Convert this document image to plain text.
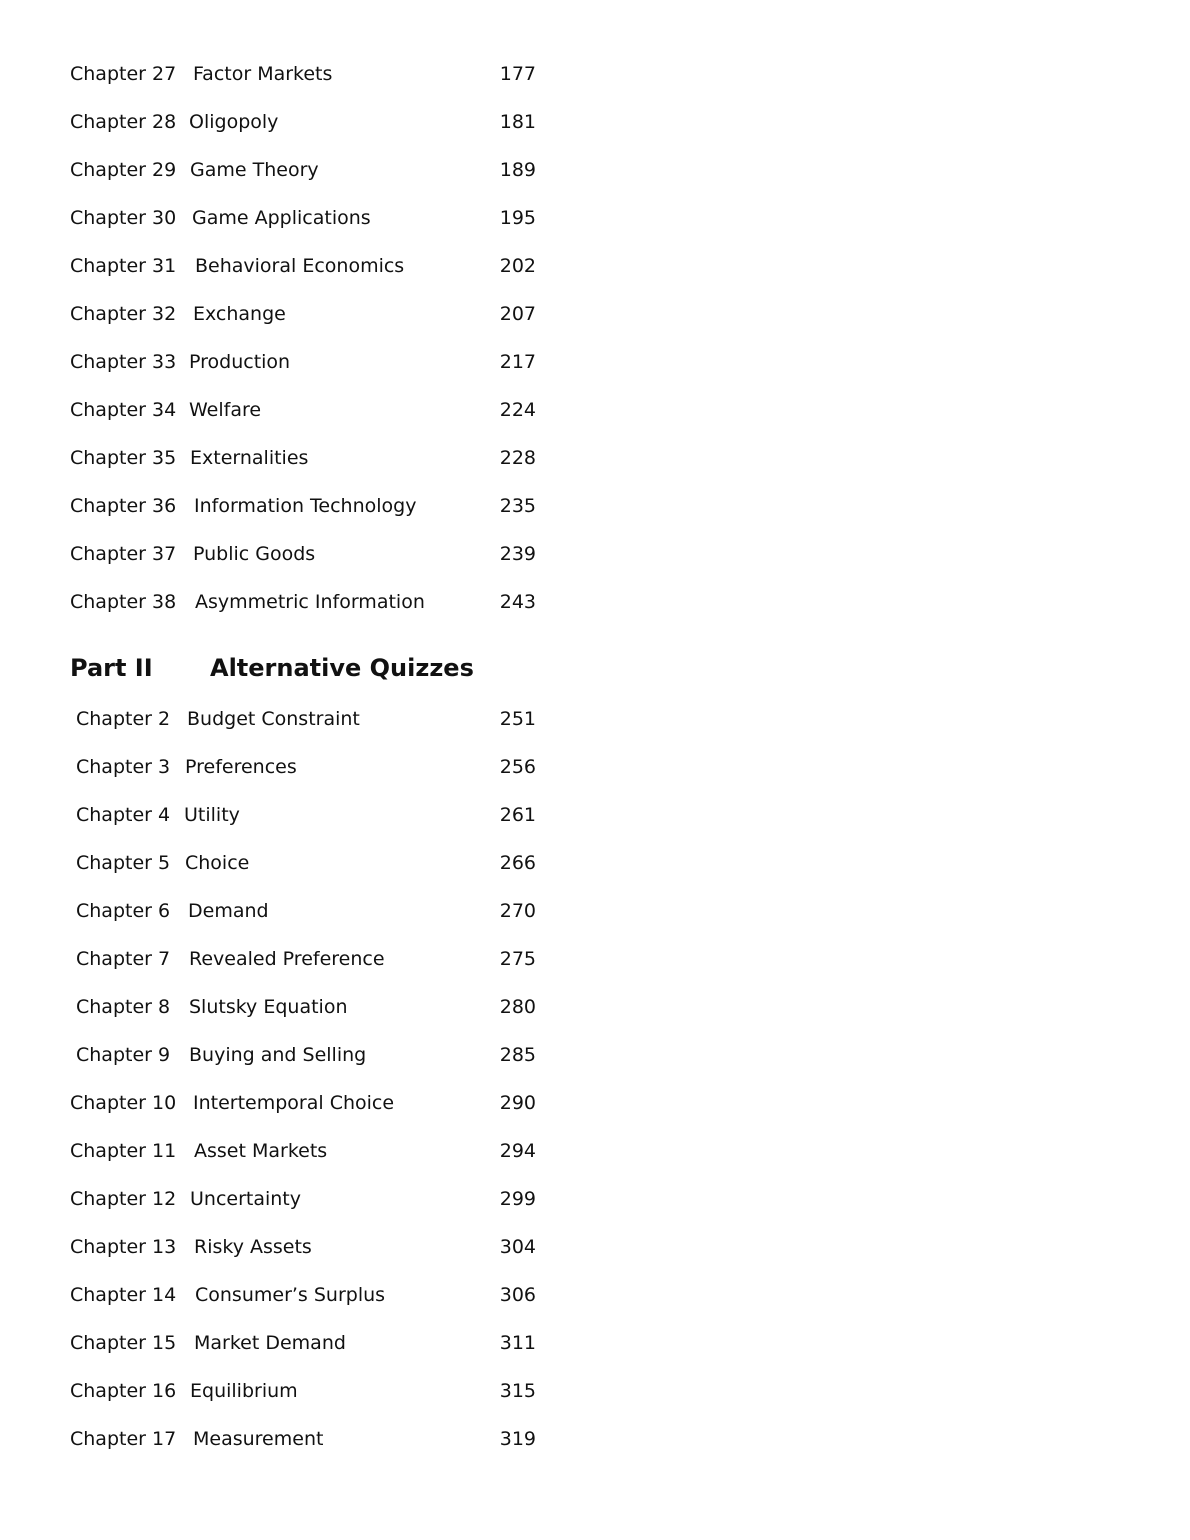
Chapter 27 Factor Markets	177
Chapter 28 Oligopoly	181
Chapter 29 Game Theory	189
Chapter 30 Game Applications	195
Chapter 31 Behavioral Economics	202
Chapter 32 Exchange	207
Chapter 33 Production	217
Chapter 34 Welfare	224
Chapter 35 Externalities	228
Chapter 36 Information Technology	235
Chapter 37 Public Goods	239
Chapter 38 Asymmetric Information	243
Part II Alternative Quizzes
Chapter 2 Budget Constraint	251
Chapter 3 Preferences	256
Chapter 4 Utility	261
Chapter 5 Choice	266
Chapter 6 Demand	270
Chapter 7 Revealed Preference	275
Chapter 8 Slutsky Equation	280
Chapter 9 Buying and Selling	285
Chapter 10 Intertemporal Choice	290
Chapter 11 Asset Markets	294
Chapter 12 Uncertainty	299
Chapter 13 Risky Assets	304
Chapter 14 Consumer’s Surplus	306
Chapter 15 Market Demand	311
Chapter 16 Equilibrium	315
Chapter 17 Measurement	319
